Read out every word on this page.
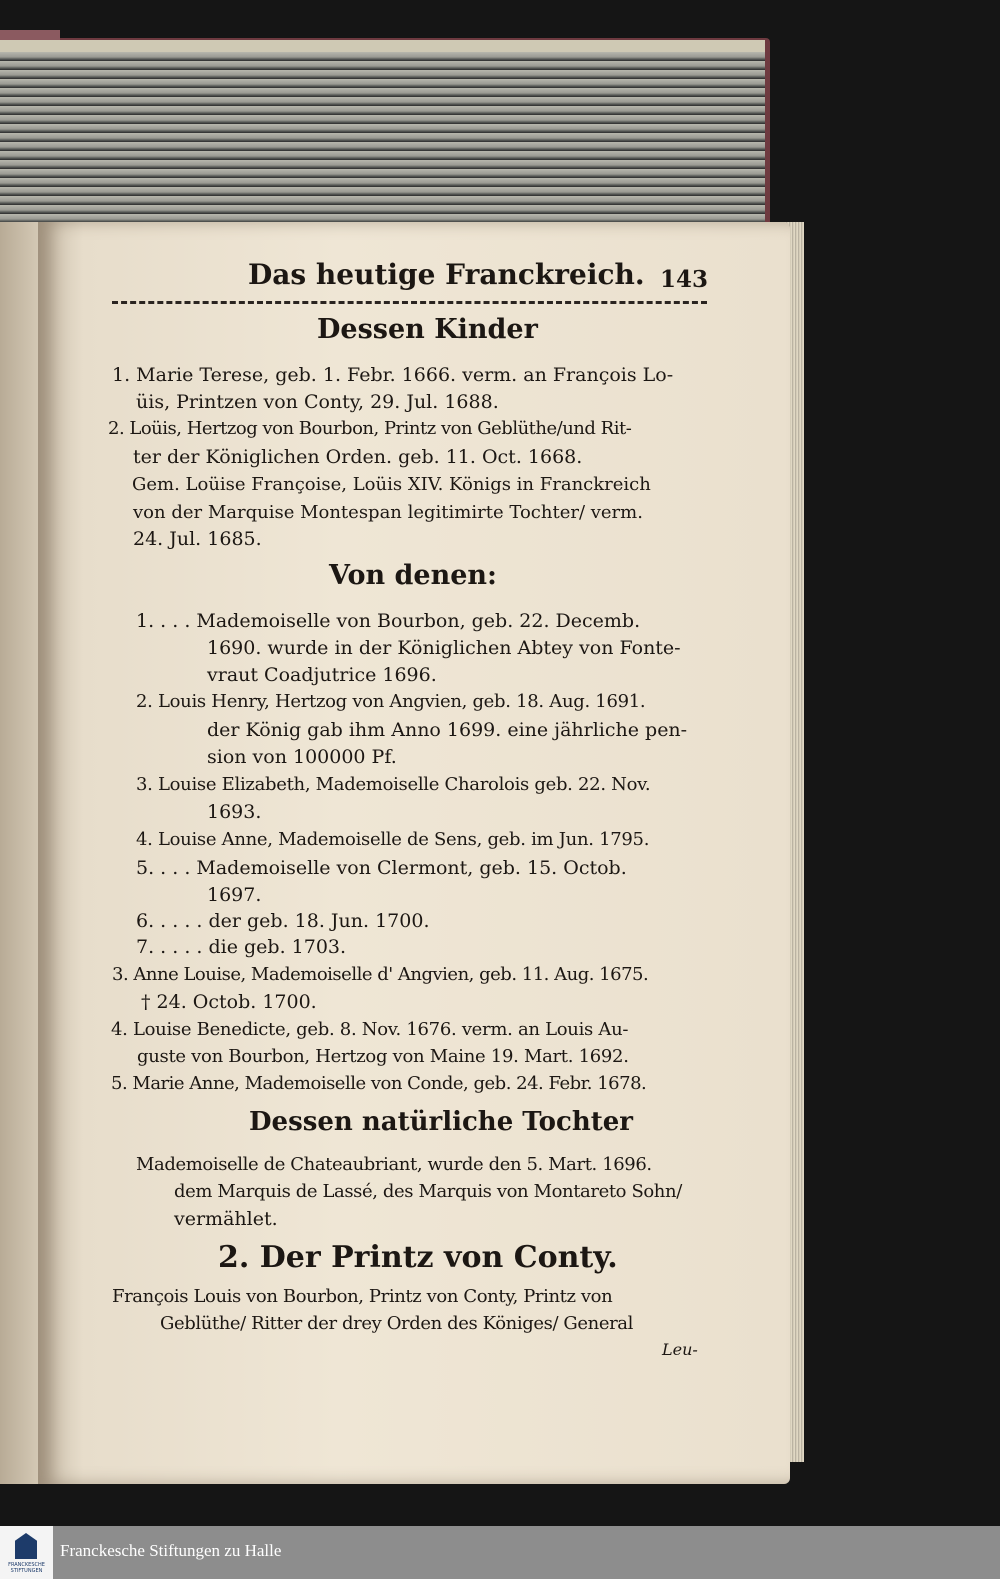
Das heutige Franckreich. 143
Dessen Kinder
1. Marie Terese, geb. 1. Febr. 1666. verm. an François Lo-
üis, Printzen von Conty, 29. Jul. 1688.
2. Loüis, Hertzog von Bourbon, Printz von Geblüthe/und Rit-
ter der Königlichen Orden. geb. 11. Oct. 1668.
Gem. Loüise Françoise, Loüis XIV. Königs in Franckreich
von der Marquise Montespan legitimirte Tochter/ verm.
24. Jul. 1685.
Von denen:
1. . . . Mademoiselle von Bourbon, geb. 22. Decemb.
1690. wurde in der Königlichen Abtey von Fonte-
vraut Coadjutrice 1696.
2. Louis Henry, Hertzog von Angvien, geb. 18. Aug. 1691.
der König gab ihm Anno 1699. eine jährliche pen-
sion von 100000 Pf.
3. Louise Elizabeth, Mademoiselle Charolois geb. 22. Nov.
1693.
4. Louise Anne, Mademoiselle de Sens, geb. im Jun. 1795.
5. . . . Mademoiselle von Clermont, geb. 15. Octob.
1697.
6. . . . . der geb. 18. Jun. 1700.
7. . . . . die geb. 1703.
3. Anne Louise, Mademoiselle d' Angvien, geb. 11. Aug. 1675.
† 24. Octob. 1700.
4. Louise Benedicte, geb. 8. Nov. 1676. verm. an Louis Au-
guste von Bourbon, Hertzog von Maine 19. Mart. 1692.
5. Marie Anne, Mademoiselle von Conde, geb. 24. Febr. 1678.
Dessen natürliche Tochter
Mademoiselle de Chateaubriant, wurde den 5. Mart. 1696.
dem Marquis de Lassé, des Marquis von Montareto Sohn/
vermählet.
2. Der Printz von Conty.
François Louis von Bourbon, Printz von Conty, Printz von
Geblüthe/ Ritter der drey Orden des Königes/ General
Leu-
FRANCKESCHE STIFTUNGEN
Franckesche Stiftungen zu Halle
